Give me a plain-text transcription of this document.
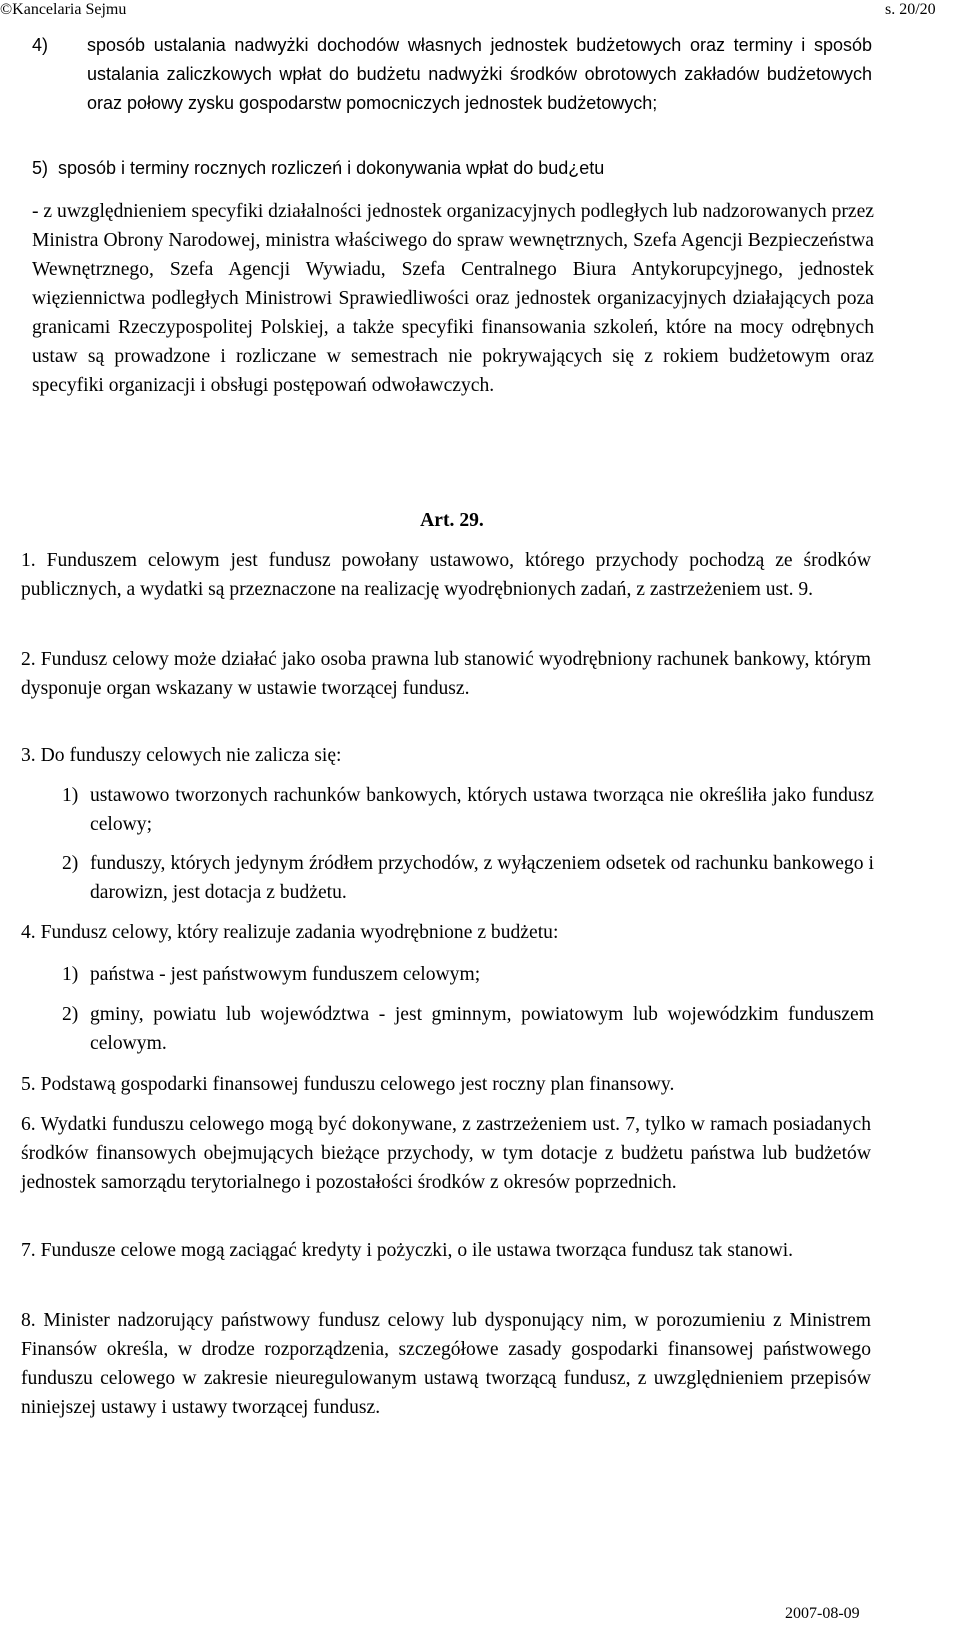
©Kancelaria Sejmu	s. 20/20
4) sposób ustalania nadwyżki dochodów własnych jednostek budżetowych oraz terminy i sposób ustalania zaliczkowych wpłat do budżetu nadwyżki środków obrotowych zakładów budżetowych oraz połowy zysku gospodarstw pomocniczych jednostek budżetowych;
5) sposób i terminy rocznych rozliczeń i dokonywania wpłat do bud¿etu
- z uwzględnieniem specyfiki działalności jednostek organizacyjnych podległych lub nadzorowanych przez Ministra Obrony Narodowej, ministra właściwego do spraw wewnętrznych, Szefa Agencji Bezpieczeństwa Wewnętrznego, Szefa Agencji Wywiadu, Szefa Centralnego Biura Antykorupcyjnego, jednostek więziennictwa podległych Ministrowi Sprawiedliwości oraz jednostek organizacyjnych działających poza granicami Rzeczypospolitej Polskiej, a także specyfiki finansowania szkoleń, które na mocy odrębnych ustaw są prowadzone i rozliczane w semestrach nie pokrywających się z rokiem budżetowym oraz specyfiki organizacji i obsługi postępowań odwoławczych.
Art. 29.
1. Funduszem celowym jest fundusz powołany ustawowo, którego przychody pochodzą ze środków publicznych, a wydatki są przeznaczone na realizację wyodrębnionych zadań, z zastrzeżeniem ust. 9.
2. Fundusz celowy może działać jako osoba prawna lub stanowić wyodrębniony rachunek bankowy, którym dysponuje organ wskazany w ustawie tworzącej fundusz.
3. Do funduszy celowych nie zalicza się:
1) ustawowo tworzonych rachunków bankowych, których ustawa tworząca nie określiła jako fundusz celowy;
2) funduszy, których jedynym źródłem przychodów, z wyłączeniem odsetek od rachunku bankowego i darowizn, jest dotacja z budżetu.
4. Fundusz celowy, który realizuje zadania wyodrębnione z budżetu:
1) państwa - jest państwowym funduszem celowym;
2) gminy, powiatu lub województwa - jest gminnym, powiatowym lub wojewódzkim funduszem celowym.
5. Podstawą gospodarki finansowej funduszu celowego jest roczny plan finansowy.
6. Wydatki funduszu celowego mogą być dokonywane, z zastrzeżeniem ust. 7, tylko w ramach posiadanych środków finansowych obejmujących bieżące przychody, w tym dotacje z budżetu państwa lub budżetów jednostek samorządu terytorialnego i pozostałości środków z okresów poprzednich.
7. Fundusze celowe mogą zaciągać kredyty i pożyczki, o ile ustawa tworząca fundusz tak stanowi.
8. Minister nadzorujący państwowy fundusz celowy lub dysponujący nim, w porozumieniu z Ministrem Finansów określa, w drodze rozporządzenia, szczegółowe zasady gospodarki finansowej państwowego funduszu celowego w zakresie nieuregulowanym ustawą tworzącą fundusz, z uwzględnieniem przepisów niniejszej ustawy i ustawy tworzącej fundusz.
2007-08-09
